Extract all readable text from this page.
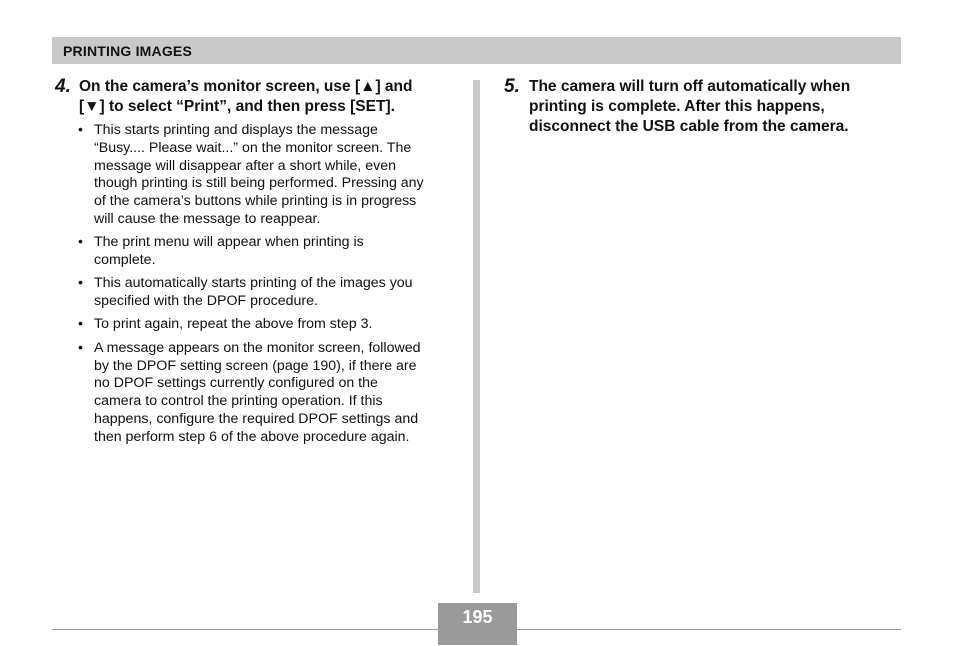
PRINTING IMAGES
4. On the camera’s monitor screen, use [▲] and
[▼] to select “Print”, and then press [SET].
• This starts printing and displays the message
“Busy.... Please wait...” on the monitor screen. The
message will disappear after a short while, even
though printing is still being performed. Pressing any
of the camera’s buttons while printing is in progress
will cause the message to reappear.
• The print menu will appear when printing is
complete.
• This automatically starts printing of the images you
specified with the DPOF procedure.
• To print again, repeat the above from step 3.
• A message appears on the monitor screen, followed
by the DPOF setting screen (page 190), if there are
no DPOF settings currently configured on the
camera to control the printing operation. If this
happens, configure the required DPOF settings and
then perform step 6 of the above procedure again.
5. The camera will turn off automatically when
printing is complete. After this happens,
disconnect the USB cable from the camera.
195
